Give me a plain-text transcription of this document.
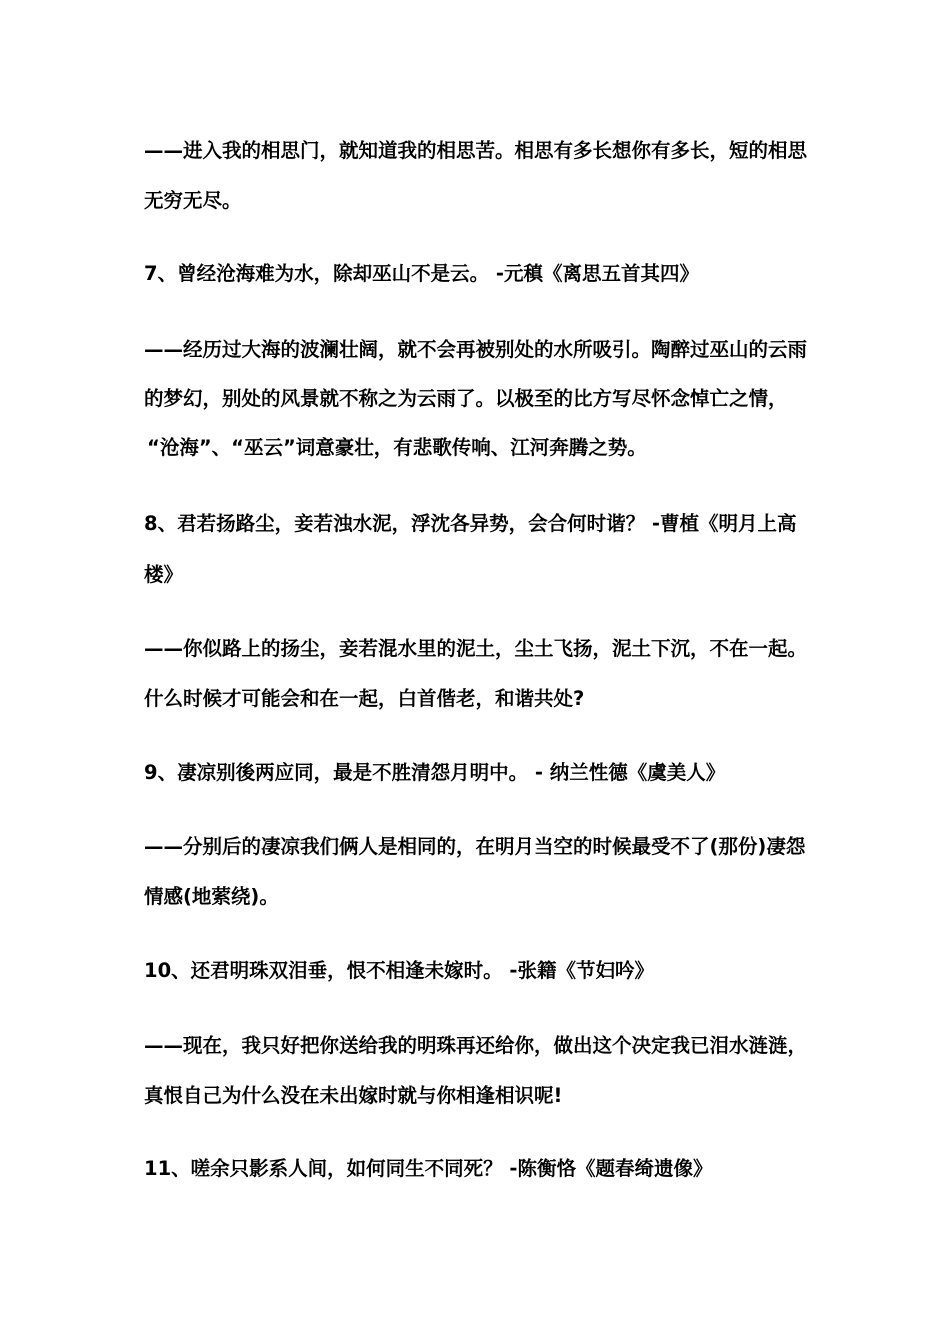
——进入我的相思门，就知道我的相思苦。相思有多长想你有多长，短的相思
无穷无尽。
7、曾经沧海难为水，除却巫山不是云。 -元稹《离思五首其四》
——经历过大海的波澜壮阔，就不会再被别处的水所吸引。陶醉过巫山的云雨
的梦幻，别处的风景就不称之为云雨了。以极至的比方写尽怀念悼亡之情，
“沧海”、“巫云”词意豪壮，有悲歌传响、江河奔腾之势。
8、君若扬路尘，妾若浊水泥，浮沈各异势，会合何时谐？ -曹植《明月上高
楼》
——你似路上的扬尘，妾若混水里的泥土，尘土飞扬，泥土下沉，不在一起。
什么时候才可能会和在一起，白首偕老，和谐共处?
9、凄凉别後两应同，最是不胜清怨月明中。 - 纳兰性德《虞美人》
——分别后的凄凉我们俩人是相同的，在明月当空的时候最受不了(那份)凄怨
情感(地萦绕)。
10、还君明珠双泪垂，恨不相逢未嫁时。 -张籍《节妇吟》
——现在，我只好把你送给我的明珠再还给你，做出这个决定我已泪水涟涟，
真恨自己为什么没在未出嫁时就与你相逢相识呢!
11、嗟余只影系人间，如何同生不同死？ -陈衡恪《题春绮遗像》
